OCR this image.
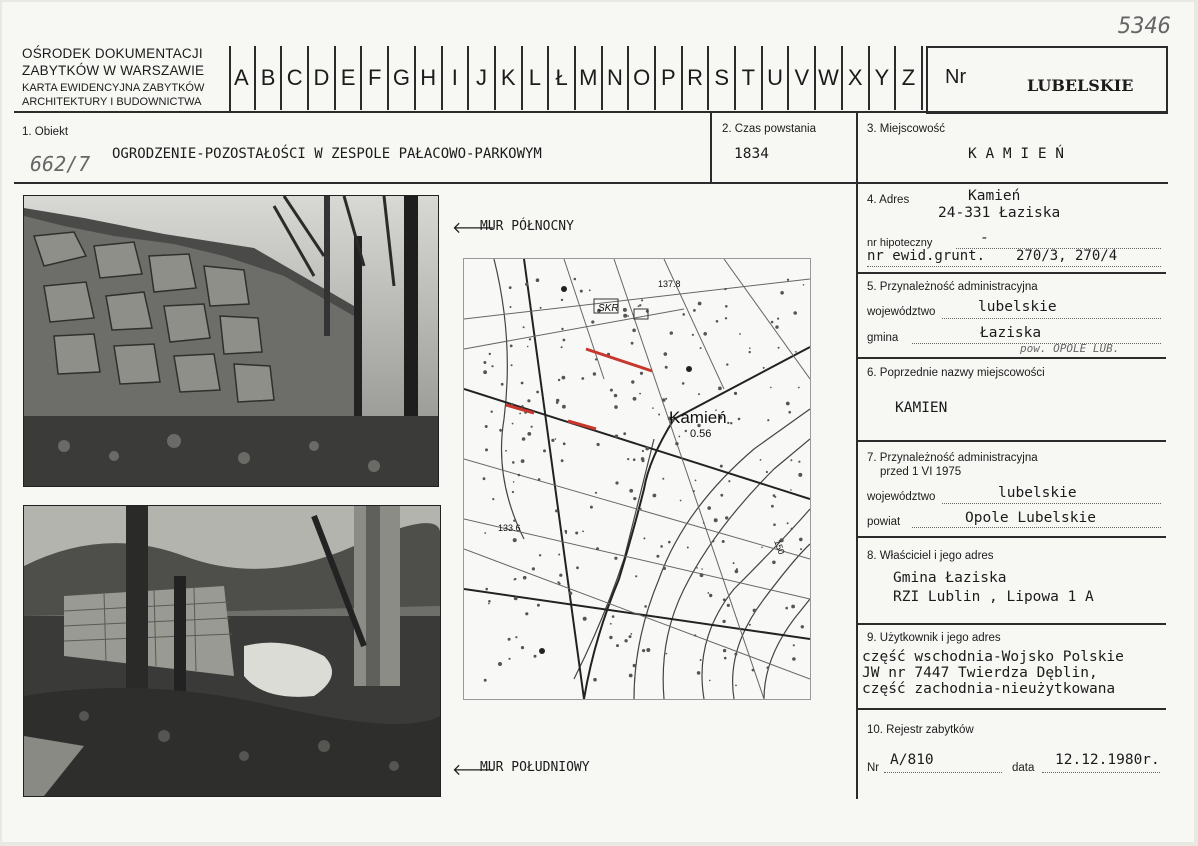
5346
OŚRODEK DOKUMENTACJI
ZABYTKÓW W WARSZAWIE
KARTA EWIDENCYJNA ZABYTKÓW
ARCHITEKTURY I BUDOWNICTWA
A B C D E F G H I J K L Ł M N O P R S T U V W X Y Z	Nr	LUBELSKIE
1. Obiekt
662/7 OGRODZENIE-POZOSTAŁOŚCI W ZESPOLE PAŁACOWO-PARKOWYM
2. Czas powstania
1834
3. Miejscowość
K A M I E Ń
4. Adres	Kamień
24-331 Łaziska
nr hipoteczny	-
nr ewid.grunt. 270/3, 270/4
5. Przynależność administracyjna
województwo	lubelskie
gmina	Łaziska
pow. OPOLE LUB.
6. Poprzednie nazwy miejscowości
KAMIEN
7. Przynależność administracyjna
przed 1 VI 1975
województwo	lubelskie
powiat	Opole Lubelskie
8. Właściciel i jego adres
Gmina Łaziska
RZI Lublin , Lipowa 1 A
9. Użytkownik i jego adres
część wschodnia-Wojsko Polskie
JW nr 7447 Twierdza Dęblin,
część zachodnia-nieużytkowana
10. Rejestr zabytków
Nr A/810	data 12.12.1980r.
🡐
MUR PÓŁNOCNY
🡐
MUR POŁUDNIOWY
Kamień
0.56
137.8
133.6
150
SKR
